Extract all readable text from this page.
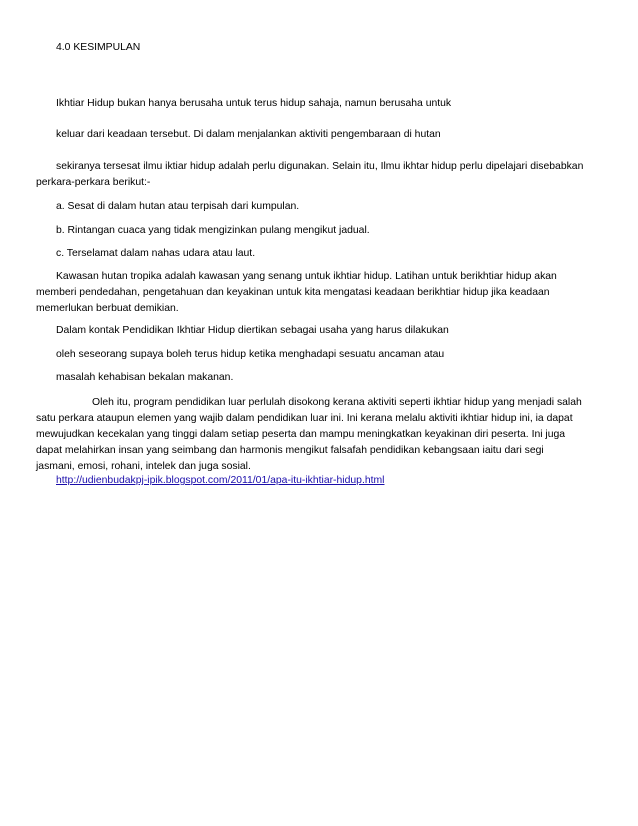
4.0 KESIMPULAN
Ikhtiar Hidup bukan hanya berusaha untuk terus hidup sahaja, namun berusaha untuk
keluar dari keadaan tersebut. Di dalam menjalankan aktiviti pengembaraan di hutan
sekiranya tersesat ilmu iktiar hidup adalah perlu digunakan. Selain itu, Ilmu ikhtar hidup perlu dipelajari disebabkan
perkara-perkara berikut:-
a. Sesat di dalam hutan atau terpisah dari kumpulan.
b. Rintangan cuaca yang tidak mengizinkan pulang mengikut jadual.
c. Terselamat dalam nahas udara atau laut.
Kawasan hutan tropika adalah kawasan yang senang untuk ikhtiar hidup. Latihan untuk berikhtiar hidup akan
memberi pendedahan, pengetahuan dan keyakinan untuk kita mengatasi keadaan berikhtiar hidup jika keadaan
memerlukan berbuat demikian.
Dalam kontak Pendidikan Ikhtiar Hidup diertikan sebagai usaha yang harus dilakukan
oleh seseorang supaya boleh terus hidup ketika menghadapi sesuatu ancaman atau
masalah kehabisan bekalan makanan.
Oleh itu, program pendidikan luar perlulah disokong kerana aktiviti seperti ikhtiar hidup yang menjadi salah
satu perkara ataupun elemen yang wajib dalam pendidikan luar ini. Ini kerana melalu aktiviti ikhtiar hidup ini, ia dapat
mewujudkan kecekalan yang tinggi dalam setiap peserta dan mampu meningkatkan keyakinan diri peserta. Ini juga
dapat melahirkan insan yang seimbang dan harmonis mengikut falsafah pendidikan kebangsaan iaitu dari segi
jasmani, emosi, rohani, intelek dan juga sosial.
http://udienbudakpj-ipik.blogspot.com/2011/01/apa-itu-ikhtiar-hidup.html
